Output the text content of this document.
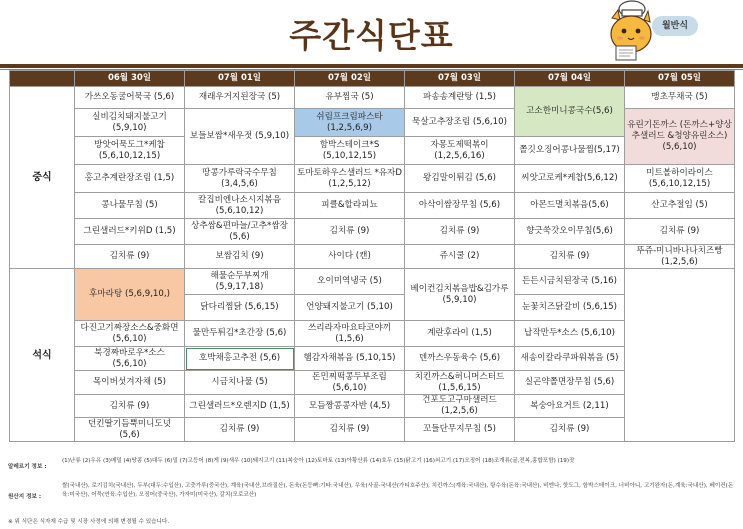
주간식단표	월반식
	06월 30일	07월 01일	07월 02일	07월 03일	07월 04일	07월 05일
중식	가쓰오동굴어묵국 (5,6)	재래우거지된장국 (5)	유부찜국 (5)	파송송계란탕 (1,5)	고소한미니콩국수(5,6)	맹초무채국 (5)
	실비김치돼지불고기 (5,9,10)	보들보쌈*새우젓 (5,9,10)	쉬림프크림파스타 (1,2,5,6,9)	묵살고추장조림 (5,6,10)		유린기돈까스 (돈까스+양상추샐러드 &청양유린소스) (5,6,10)
	방앗어묵도그*케찹 (5,6,10,12,15)		함박스테이크*S (5,10,12,15)	자몽도제떡볶이 (1,2,5,6,16)	쫄깃오징어콩나물찜(5,17)	
	홍고추계란장조림 (1,5)	땅콩가루락국수무침 (3,4,5,6)	토마토하우스샐러드 *유자D (1,2,5,12)	왕김말이튀김 (5,6)	씨앗고로케*케찹(5,6,12)	미트볼하이라이스 (5,6,10,12,15)
	콩나물무침 (5)	칼집비엔나소시지볶음 (5,6,10,12)	피클&할라피뇨	아삭이쌈장무침 (5,6)	아몬드멸치볶음(5,6)	산고추절임 (5)
	그린샐러드*키위D (1,5)	상추쌈&편마늘/고추*쌈장 (5,6)	김치류 (9)	김치류 (9)	향긋쑥갓오이무침(5,6)	김치류 (9)
	김치류 (9)	보쌈김치 (9)	사이다 (캔)	쥬시쿨 (2)	김치류 (9)	뚜쥬-미니바나나치즈빵 (1,2,5,6)
석식	후마라탕 (5,6,9,10,)	해물순두부찌개 (5,9,17,18)	오이미역냉국 (5)	베이컨김치볶음밥&김가루 (5,9,10)	든든시금치된장국 (5,16)	
		닭다리찜닭 (5,6,15)	언양돼지불고기 (5,10)		눈꽃치즈닭갈비 (5,6,15)	
	다진고기짜장소스&중화면 (5,6,10)	물만두튀김*초간장 (5,6)	쓰리라자마요타코야끼 (1,5,6)	계란후라이 (1,5)	납작만두*소스 (5,6,10)	
	북경짜바로우*소스 (5,6,10)	호박채홍고추전 (5,6)	햄감자채볶음 (5,10,15)	덴까스우동육수 (5,6)	새송이칼라쿠파워볶음 (5)	
	목이버섯겨자채 (5)	시금치나물 (5)	돈민찌떡콩두부조림 (5,6,10)	치킨까스&허니머스터드 (1,5,6,15)	실곤약쫄면장무침 (5,6)	
	김치류 (9)	그린샐러드*오렌지D (1,5)	모듬짱콩콩자반 (4,5)	건포도고구마샐러드 (1,2,5,6)	복숭아요거트 (2,11)	
	던킨딸기듬뿍미니도넛 (5,6)	김치류 (9)	김치류 (9)	꼬들단무지무침 (5)	김치류 (9)	
알레르기 정보 :
(1)난류 (2)우유 (3)메밀 (4)땅콩 (5)대두 (6)밀 (7)고등어 (8)게 (9)새우 (10)돼지고기 (11)복숭아 (12)토마토 (13)아황산류 (14)호두 (15)닭고기 (16)쇠고기 (17)오징어 (18)조개류(굴,전복,홍합포함) (19)잣
원산지 정보 :
쌀(국내산), 로기김치(국내산), 두부(대두:수입산), 고춧가루(중국산), 계육(국내산,브라질산), 돈육(돈등뼈:기타:국내산), 우육(사골-국내산(가티호주산), 치킨까스(계육:국내산), 탕수육(돈육:국내산), 비엔나, 핫도그, 함박스테이크, 너비아니, 고기완자(돈,계육:국내산), 베이컨(돈육:미국산), 어묵(연육:수입산), 오징어(중국산), 가자미(미국산), 갈치(모로코산)
※ 위 식단은 식자재 수급 및 시장 사정에 의해 변경될 수 있습니다.
